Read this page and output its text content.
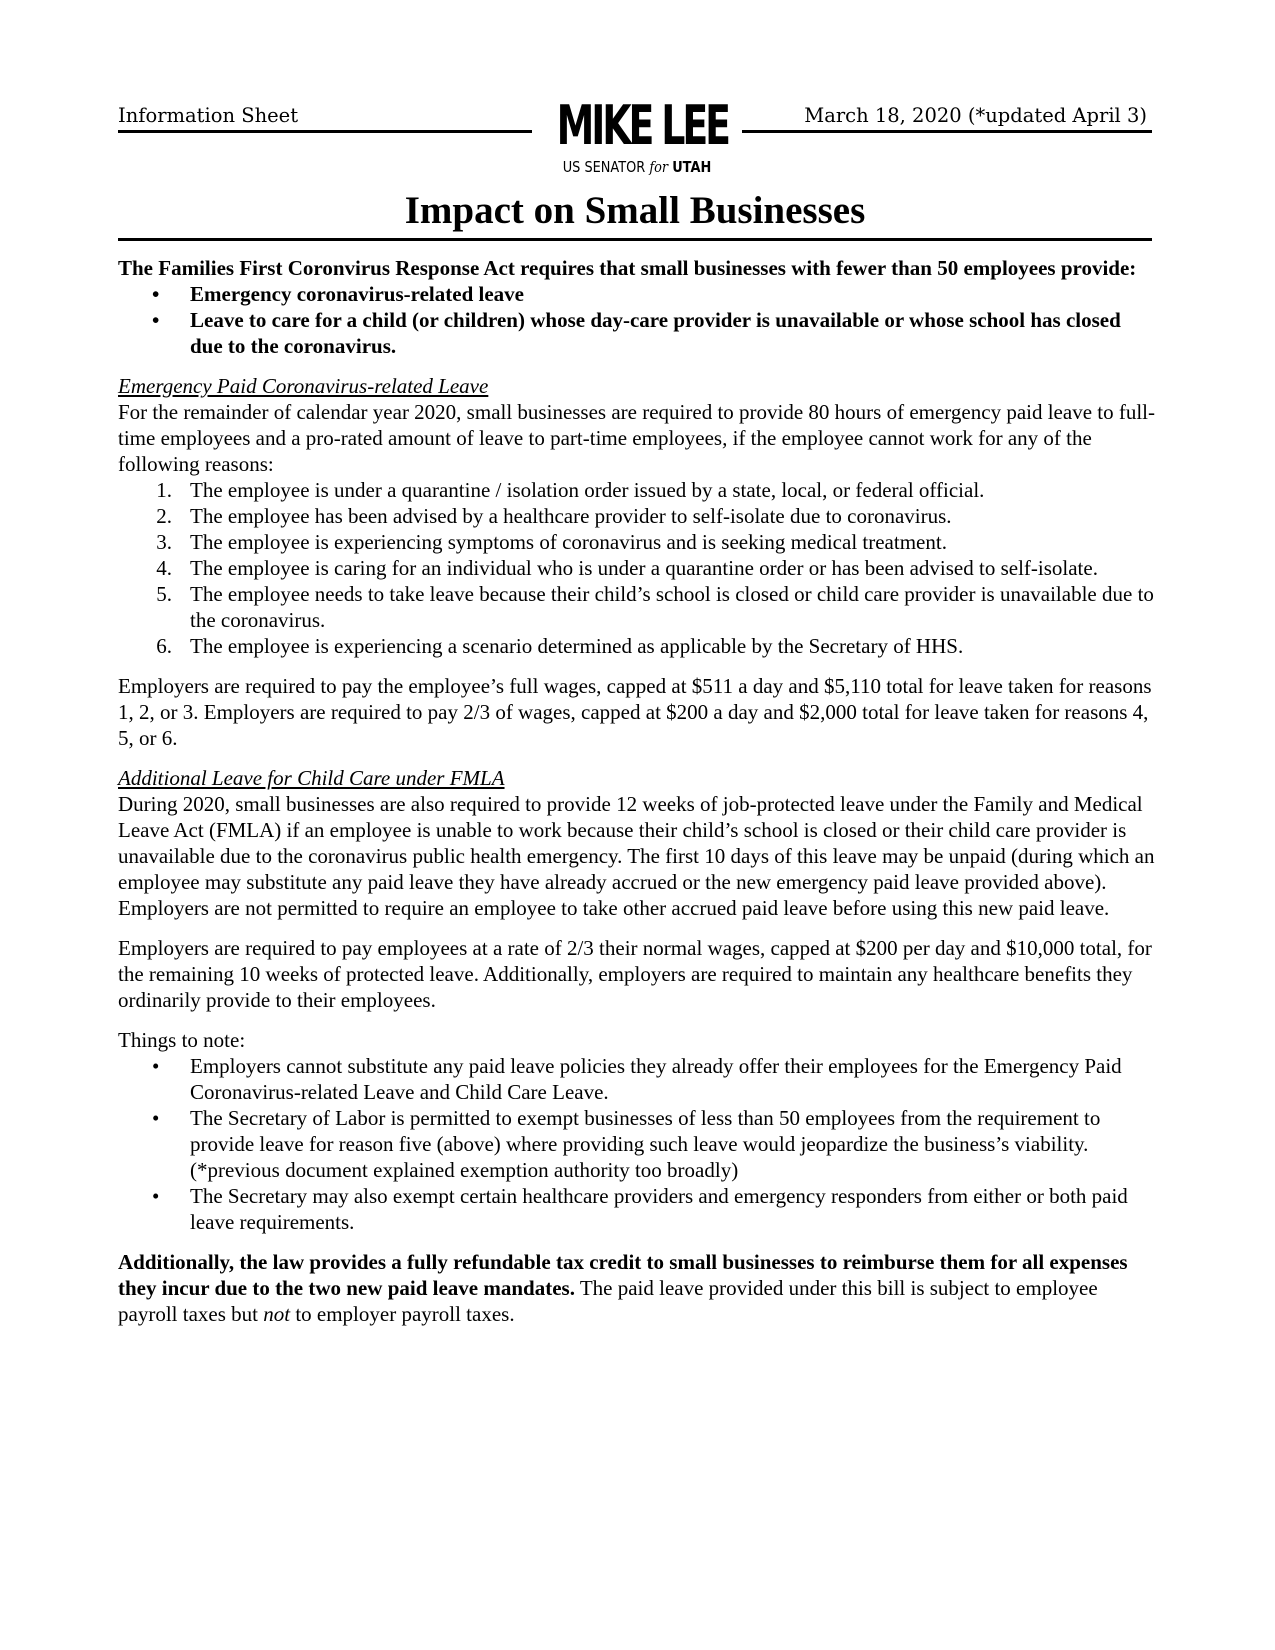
Information Sheet	MIKE LEE
US SENATOR for UTAH
March 18, 2020 (*updated April 3)
Impact on Small Businesses

The Families First Coronvirus Response Act requires that small businesses with fewer than 50 employees provide:

• Emergency coronavirus-related leave
• Leave to care for a child (or children) whose day-care provider is unavailable or whose school has closed due to the coronavirus.

Emergency Paid Coronavirus-related Leave

For the remainder of calendar year 2020, small businesses are required to provide 80 hours of emergency paid leave to full-time employees and a pro-rated amount of leave to part-time employees, if the employee cannot work for any of the following reasons:

1. The employee is under a quarantine / isolation order issued by a state, local, or federal official.
2. The employee has been advised by a healthcare provider to self-isolate due to coronavirus.
3. The employee is experiencing symptoms of coronavirus and is seeking medical treatment.
4. The employee is caring for an individual who is under a quarantine order or has been advised to self-isolate.
5. The employee needs to take leave because their child’s school is closed or child care provider is unavailable due to the coronavirus.
6. The employee is experiencing a scenario determined as applicable by the Secretary of HHS.

Employers are required to pay the employee’s full wages, capped at $511 a day and $5,110 total for leave taken for reasons 1, 2, or 3. Employers are required to pay 2/3 of wages, capped at $200 a day and $2,000 total for leave taken for reasons 4, 5, or 6.

Additional Leave for Child Care under FMLA

During 2020, small businesses are also required to provide 12 weeks of job-protected leave under the Family and Medical Leave Act (FMLA) if an employee is unable to work because their child’s school is closed or their child care provider is unavailable due to the coronavirus public health emergency. The first 10 days of this leave may be unpaid (during which an employee may substitute any paid leave they have already accrued or the new emergency paid leave provided above). Employers are not permitted to require an employee to take other accrued paid leave before using this new paid leave.

Employers are required to pay employees at a rate of 2/3 their normal wages, capped at $200 per day and $10,000 total, for the remaining 10 weeks of protected leave. Additionally, employers are required to maintain any healthcare benefits they ordinarily provide to their employees.

Things to note:

• Employers cannot substitute any paid leave policies they already offer their employees for the Emergency Paid Coronavirus-related Leave and Child Care Leave.
• The Secretary of Labor is permitted to exempt businesses of less than 50 employees from the requirement to provide leave for reason five (above) where providing such leave would jeopardize the business’s viability. (*previous document explained exemption authority too broadly)
• The Secretary may also exempt certain healthcare providers and emergency responders from either or both paid leave requirements.

Additionally, the law provides a fully refundable tax credit to small businesses to reimburse them for all expenses they incur due to the two new paid leave mandates. The paid leave provided under this bill is subject to employee payroll taxes but not to employer payroll taxes.
